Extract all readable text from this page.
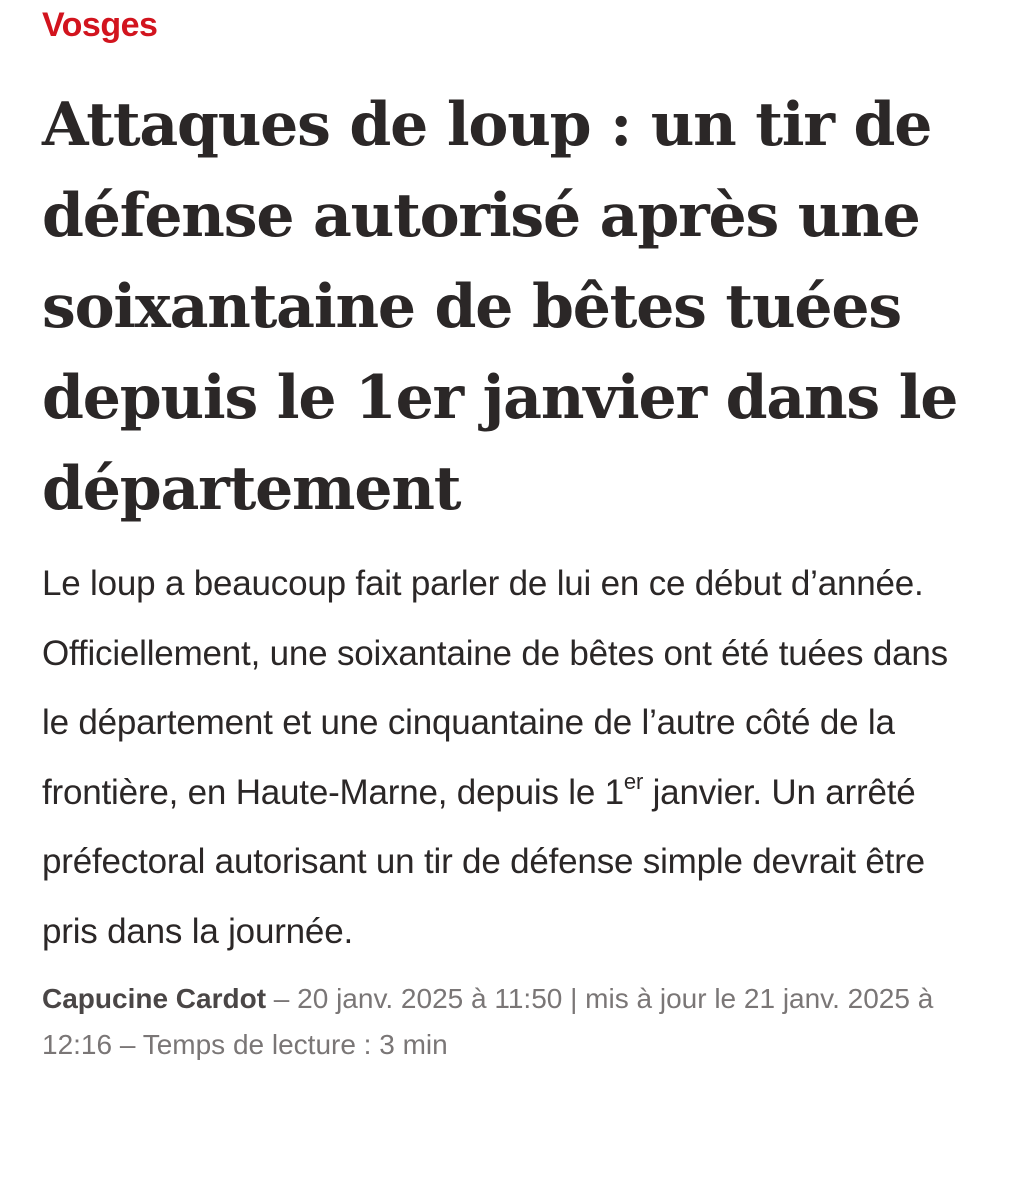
Vosges
Attaques de loup : un tir de défense autorisé après une soixantaine de bêtes tuées depuis le 1er janvier dans le département

Le loup a beaucoup fait parler de lui en ce début d’année. Officiellement, une soixantaine de bêtes ont été tuées dans le département et une cinquantaine de l’autre côté de la frontière, en Haute-Marne, depuis le 1er janvier. Un arrêté préfectoral autorisant un tir de défense simple devrait être pris dans la journée.

Capucine Cardot – 20 janv. 2025 à 11:50 | mis à jour le 21 janv. 2025 à 12:16 – Temps de lecture : 3 min
